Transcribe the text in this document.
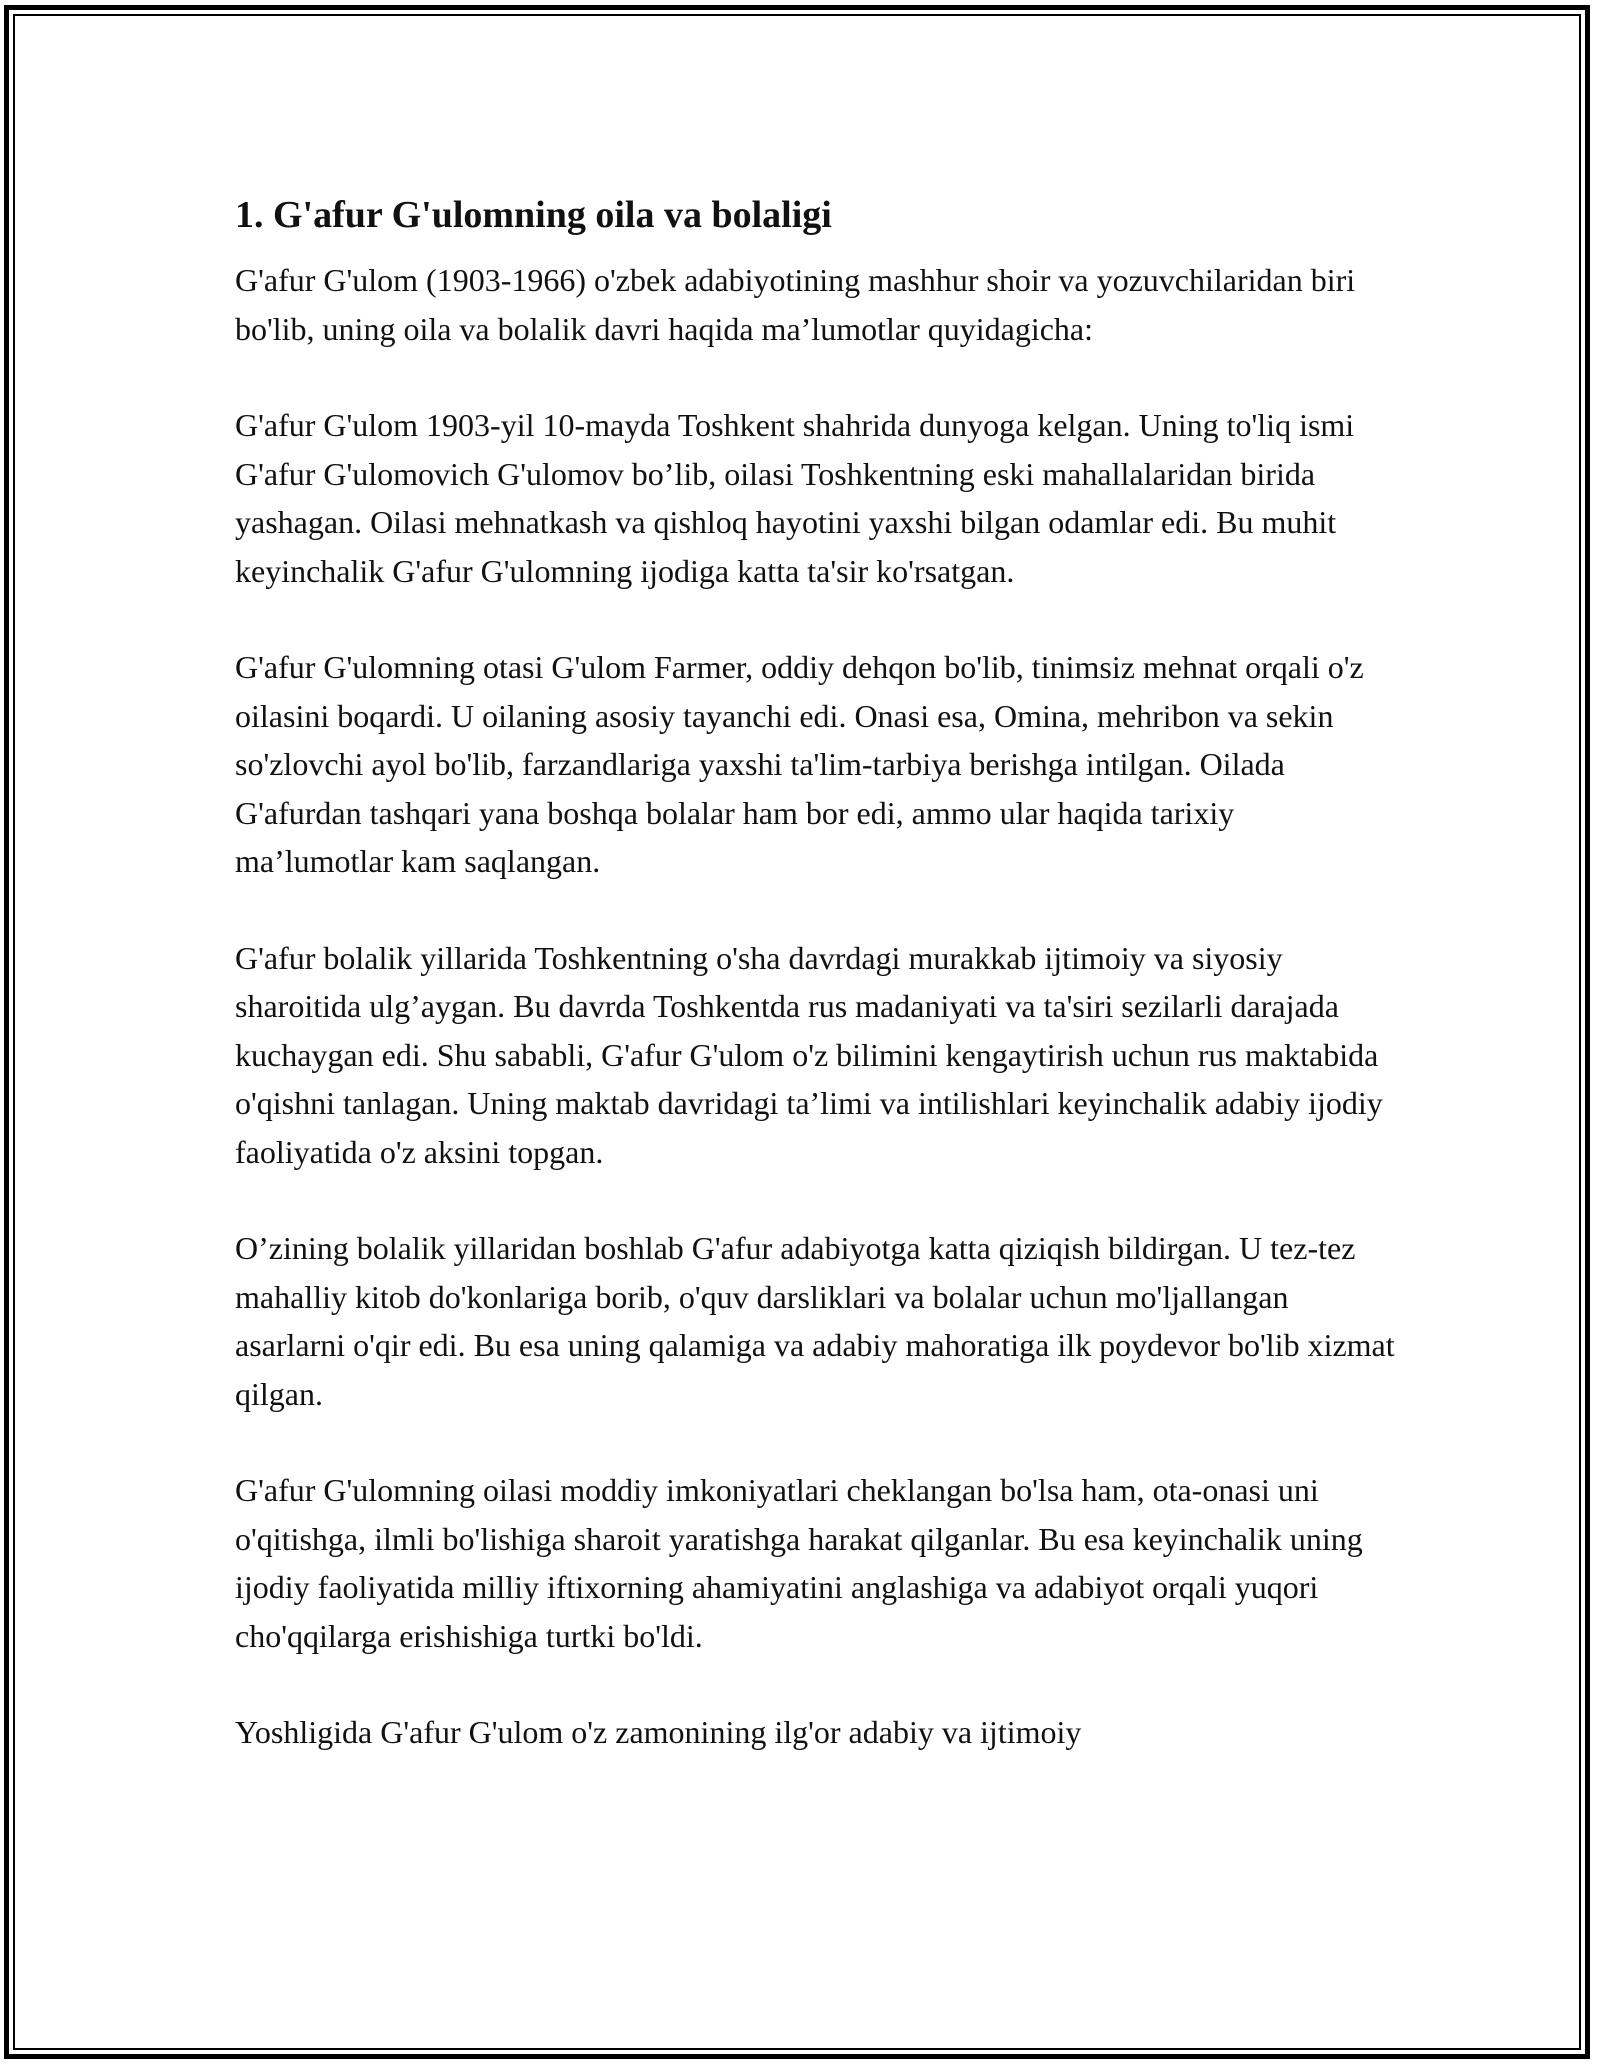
1. G'afur G'ulomning oila va bolaligi

G'afur G'ulom (1903-1966) o'zbek adabiyotining mashhur shoir va yozuvchilaridan biri bo'lib, uning oila va bolalik davri haqida ma’lumotlar quyidagicha:

G'afur G'ulom 1903-yil 10-mayda Toshkent shahrida dunyoga kelgan. Uning to'liq ismi G'afur G'ulomovich G'ulomov bo’lib, oilasi Toshkentning eski mahallalaridan birida yashagan. Oilasi mehnatkash va qishloq hayotini yaxshi bilgan odamlar edi. Bu muhit keyinchalik G'afur G'ulomning ijodiga katta ta'sir ko'rsatgan.

G'afur G'ulomning otasi G'ulom Farmer, oddiy dehqon bo'lib, tinimsiz mehnat orqali o'z oilasini boqardi. U oilaning asosiy tayanchi edi. Onasi esa, Omina, mehribon va sekin so'zlovchi ayol bo'lib, farzandlariga yaxshi ta'lim-tarbiya berishga intilgan. Oilada G'afurdan tashqari yana boshqa bolalar ham bor edi, ammo ular haqida tarixiy ma’lumotlar kam saqlangan.

G'afur bolalik yillarida Toshkentning o'sha davrdagi murakkab ijtimoiy va siyosiy sharoitida ulg’aygan. Bu davrda Toshkentda rus madaniyati va ta'siri sezilarli darajada kuchaygan edi. Shu sababli, G'afur G'ulom o'z bilimini kengaytirish uchun rus maktabida o'qishni tanlagan. Uning maktab davridagi ta’limi va intilishlari keyinchalik adabiy ijodiy faoliyatida o'z aksini topgan.

O’zining bolalik yillaridan boshlab G'afur adabiyotga katta qiziqish bildirgan. U tez-tez mahalliy kitob do'konlariga borib, o'quv darsliklari va bolalar uchun mo'ljallangan asarlarni o'qir edi. Bu esa uning qalamiga va adabiy mahoratiga ilk poydevor bo'lib xizmat qilgan.

G'afur G'ulomning oilasi moddiy imkoniyatlari cheklangan bo'lsa ham, ota-onasi uni o'qitishga, ilmli bo'lishiga sharoit yaratishga harakat qilganlar. Bu esa keyinchalik uning ijodiy faoliyatida milliy iftixorning ahamiyatini anglashiga va adabiyot orqali yuqori cho'qqilarga erishishiga turtki bo'ldi.

Yoshligida G'afur G'ulom o'z zamonining ilg'or adabiy va ijtimoiy
